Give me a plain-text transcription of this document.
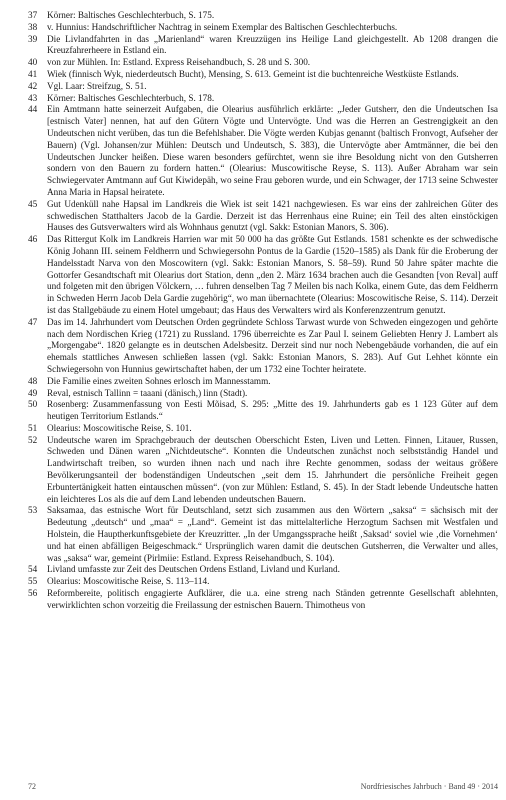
37	Körner: Baltisches Geschlechterbuch, S. 175.
38	v. Hunnius: Handschriftlicher Nachtrag in seinem Exemplar des Baltischen Geschlechterbuchs.
39	Die Livlandfahrten in das „Marienland“ waren Kreuzzügen ins Heilige Land gleichgestellt. Ab 1208 drangen die Kreuzfahrerheere in Estland ein.
40	von zur Mühlen. In: Estland. Express Reisehandbuch, S. 28 und S. 300.
41	Wiek (finnisch Wyk, niederdeutsch Bucht), Mensing, S. 613. Gemeint ist die buchtenreiche Westküste Estlands.
42	Vgl. Laar: Streifzug, S. 51.
43	Körner: Baltisches Geschlechterbuch, S. 178.
44	Ein Amtmann hatte seinerzeit Aufgaben, die Olearius ausführlich erklärte: „Jeder Gutsherr, den die Undeutschen Isa [estnisch Vater] nennen, hat auf den Gütern Vögte und Untervögte. Und was die Herren an Gestrengigkeit an den Undeutschen nicht verüben, das tun die Befehlshaber. Die Vögte werden Kubjas genannt (baltisch Fronvogt, Aufseher der Bauern) (Vgl. Johansen/zur Mühlen: Deutsch und Undeutsch, S. 383), die Untervögte aber Amtmänner, die bei den Undeutschen Juncker heißen. Diese waren besonders gefürchtet, wenn sie ihre Besoldung nicht von den Gutsherren sondern von den Bauern zu fordern hatten.“ (Olearius: Muscowitische Reyse, S. 113). Außer Abraham war sein Schwiegervater Amtmann auf Gut Kiwidepäh, wo seine Frau geboren wurde, und ein Schwager, der 1713 seine Schwester Anna Maria in Hapsal heiratete.
45	Gut Udenküll nahe Hapsal im Landkreis die Wiek ist seit 1421 nachgewiesen. Es war eins der zahlreichen Güter des schwedischen Statthalters Jacob de la Gardie. Derzeit ist das Herrenhaus eine Ruine; ein Teil des alten einstöckigen Hauses des Gutsverwalters wird als Wohnhaus genutzt (vgl. Sakk: Estonian Manors, S. 306).
46	Das Rittergut Kolk im Landkreis Harrien war mit 50 000 ha das größte Gut Estlands. 1581 schenkte es der schwedische König Johann III. seinem Feldherrn und Schwiegersohn Pontus de la Gardie (1520–1585) als Dank für die Eroberung der Handelsstadt Narva von den Moscowitern (vgl. Sakk: Estonian Manors, S. 58–59). Rund 50 Jahre später machte die Gottorfer Gesandtschaft mit Olearius dort Station, denn „den 2. März 1634 brachen auch die Gesandten [von Reval] auff und folgeten mit den übrigen Völckern, … fuhren denselben Tag 7 Meilen bis nach Kolka, einem Gute, das dem Feldherrn in Schweden Herrn Jacob Dela Gardie zugehörig“, wo man übernachtete (Olearius: Moscowitische Reise, S. 114). Derzeit ist das Stallgebäude zu einem Hotel umgebaut; das Haus des Verwalters wird als Konferenzzentrum genutzt.
47	Das im 14. Jahrhundert vom Deutschen Orden gegründete Schloss Tarwast wurde von Schweden eingezogen und gehörte nach dem Nordischen Krieg (1721) zu Russland. 1796 überreichte es Zar Paul I. seinem Geliebten Henry J. Lambert als „Morgengabe“. 1820 gelangte es in deutschen Adelsbesitz. Derzeit sind nur noch Nebengebäude vorhanden, die auf ein ehemals stattliches Anwesen schließen lassen (vgl. Sakk: Estonian Manors, S. 283). Auf Gut Lehhet könnte ein Schwiegersohn von Hunnius gewirtschaftet haben, der um 1732 eine Tochter heiratete.
48	Die Familie eines zweiten Sohnes erlosch im Mannesstamm.
49	Reval, estnisch Tallinn = taaani (dänisch,) linn (Stadt).
50	Rosenberg: Zusammenfassung von Eesti Mõisad, S. 295: „Mitte des 19. Jahrhunderts gab es 1 123 Güter auf dem heutigen Territorium Estlands.“
51	Olearius: Moscowitische Reise, S. 101.
52	Undeutsche waren im Sprachgebrauch der deutschen Oberschicht Esten, Liven und Letten. Finnen, Litauer, Russen, Schweden und Dänen waren „Nichtdeutsche“. Konnten die Undeutschen zunächst noch selbstständig Handel und Landwirtschaft treiben, so wurden ihnen nach und nach ihre Rechte genommen, sodass der weitaus größere Bevölkerungsanteil der bodenständigen Undeutschen „seit dem 15. Jahrhundert die persönliche Freiheit gegen Erbuntertänigkeit hatten eintauschen müssen“. (von zur Mühlen: Estland, S. 45). In der Stadt lebende Undeutsche hatten ein leichteres Los als die auf dem Land lebenden undeutschen Bauern.
53	Saksamaa, das estnische Wort für Deutschland, setzt sich zusammen aus den Wörtern „saksa“ = sächsisch mit der Bedeutung „deutsch“ und „maa“ = „Land“. Gemeint ist das mittelalterliche Herzogtum Sachsen mit Westfalen und Holstein, die Hauptherkunftsgebiete der Kreuzritter. „In der Umgangssprache heißt ‚Saksad‘ soviel wie ‚die Vornehmen‘ und hat einen abfälligen Beigeschmack.“ Ursprünglich waren damit die deutschen Gutsherren, die Verwalter und alles, was „saksa“ war, gemeint (Pirlmiie: Estland. Express Reisehandbuch, S. 104).
54	Livland umfasste zur Zeit des Deutschen Ordens Estland, Livland und Kurland.
55	Olearius: Moscowitische Reise, S. 113–114.
56	Reformbereite, politisch engagierte Aufklärer, die u.a. eine streng nach Ständen getrennte Gesellschaft ablehnten, verwirklichten schon vorzeitig die Freilassung der estnischen Bauern. Thimotheus von
72	Nordfriesisches Jahrbuch · Band 49 · 2014
